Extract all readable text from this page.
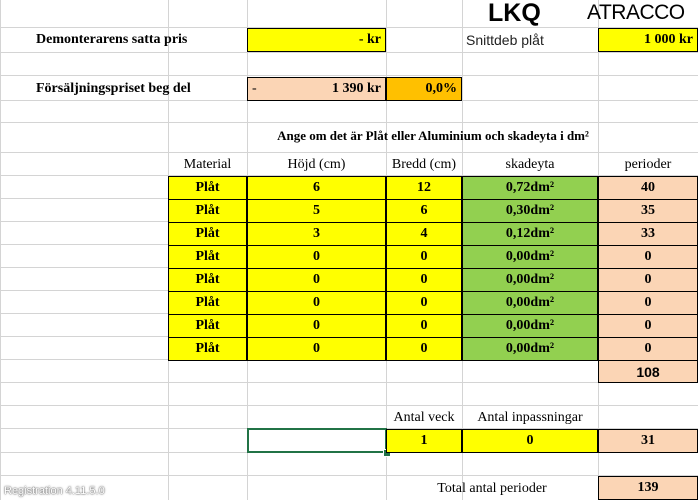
LKQ ATRACCO
Demonterarens satta pris	- kr	Snittdeb plåt	1 000 kr
Försäljningspriset beg del	-	1 390 kr	0,0%
Ange om det är Plåt eller Aluminium och skadeyta i dm²
Material	Höjd (cm)	Bredd (cm)	skadeyta	perioder
Plåt	6	12	0,72dm²	40
Plåt	5	6	0,30dm²	35
Plåt	3	4	0,12dm²	33
Plåt	0	0	0,00dm²	0
Plåt	0	0	0,00dm²	0
Plåt	0	0	0,00dm²	0
Plåt	0	0	0,00dm²	0
Plåt	0	0	0,00dm²	0
108
Antal veck	Antal inpassningar
1	0	31
Total antal perioder	139
Registration 4.11.5.0
